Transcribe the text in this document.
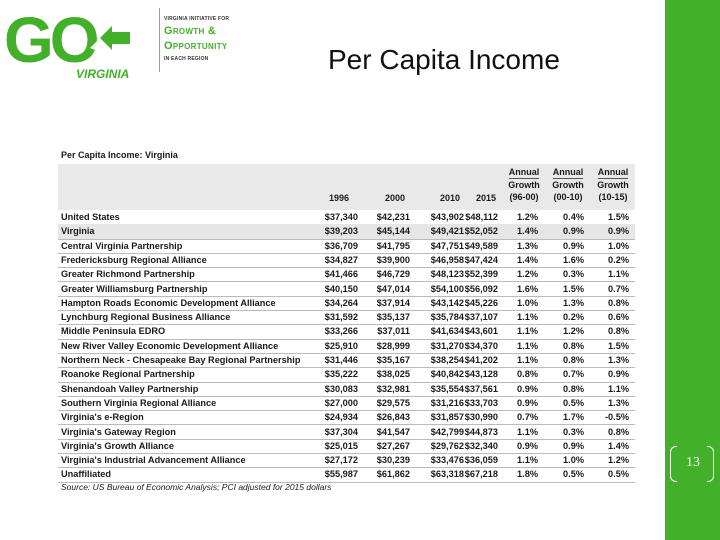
GO
VIRGINIA
VIRGINIA INITIATIVE FOR
Growth &
Opportunity
IN EACH REGION	Per Capita Income
Per Capita Income: Virginia
1996	2000	2010	2015
Annual
Growth
(96-00)
Annual
Growth
(00-10)
Annual
Growth
(10-15)
United States	$37,340	$42,231	$43,902 $48,112	1.2%	0.4%	1.5%
Virginia	$39,203	$45,144	$49,421 $52,052	1.4%	0.9%	0.9%
Central Virginia Partnership	$36,709	$41,795	$47,751 $49,589	1.3%	0.9%	1.0%
Fredericksburg Regional Alliance	$34,827	$39,900	$46,958 $47,424	1.4%	1.6%	0.2%
Greater Richmond Partnership	$41,466	$46,729	$48,123 $52,399	1.2%	0.3%	1.1%
Greater Williamsburg Partnership	$40,150	$47,014	$54,100 $56,092	1.6%	1.5%	0.7%
Hampton Roads Economic Development Alliance	$34,264	$37,914	$43,142 $45,226	1.0%	1.3%	0.8%
Lynchburg Regional Business Alliance	$31,592	$35,137	$35,784 $37,107	1.1%	0.2%	0.6%
Middle Peninsula EDRO	$33,266	$37,011	$41,634 $43,601	1.1%	1.2%	0.8%
New River Valley Economic Development Alliance	$25,910	$28,999	$31,270 $34,370	1.1%	0.8%	1.5%
Northern Neck - Chesapeake Bay Regional Partnership	$31,446	$35,167	$38,254 $41,202	1.1%	0.8%	1.3%
Roanoke Regional Partnership	$35,222	$38,025	$40,842 $43,128	0.8%	0.7%	0.9%
Shenandoah Valley Partnership	$30,083	$32,981	$35,554 $37,561	0.9%	0.8%	1.1%
Southern Virginia Regional Alliance	$27,000	$29,575	$31,216 $33,703	0.9%	0.5%	1.3%
Virginia's e-Region	$24,934	$26,843	$31,857 $30,990	0.7%	1.7%	-0.5%
Virginia's Gateway Region	$37,304	$41,547	$42,799 $44,873	1.1%	0.3%	0.8%
Virginia's Growth Alliance	$25,015	$27,267	$29,762 $32,340	0.9%	0.9%	1.4%
Virginia's Industrial Advancement Alliance	$27,172	$30,239	$33,476 $36,059	1.1%	1.0%	1.2%
Unaffiliated	$55,987	$61,862	$63,318 $67,218	1.8%	0.5%	0.5%
Source: US Bureau of Economic Analysis; PCI adjusted for 2015 dollars
13
